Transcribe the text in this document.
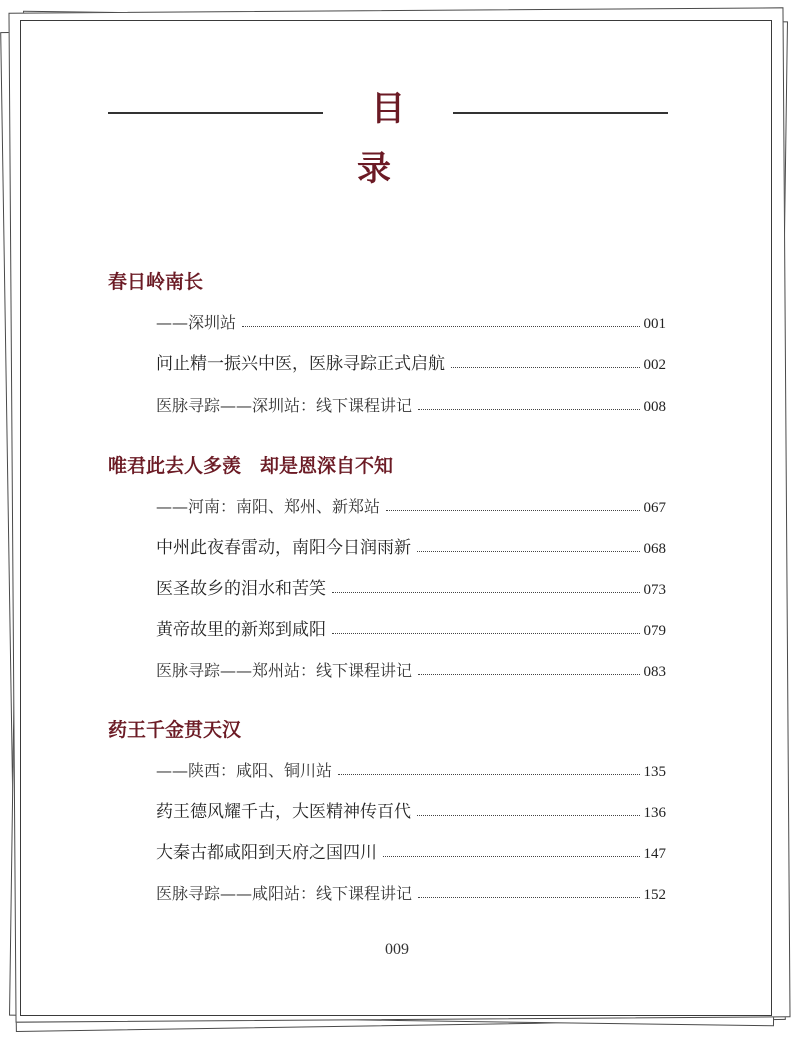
目　录
春日岭南长
——深圳站	001
问止精一振兴中医，医脉寻踪正式启航	002
医脉寻踪——深圳站：线下课程讲记	008
唯君此去人多羡　却是恩深自不知
——河南：南阳、郑州、新郑站	067
中州此夜春雷动，南阳今日润雨新	068
医圣故乡的泪水和苦笑	073
黄帝故里的新郑到咸阳	079
医脉寻踪——郑州站：线下课程讲记	083
药王千金贯天汉
——陕西：咸阳、铜川站	135
药王德风耀千古，大医精神传百代	136
大秦古都咸阳到天府之国四川	147
医脉寻踪——咸阳站：线下课程讲记	152
009
